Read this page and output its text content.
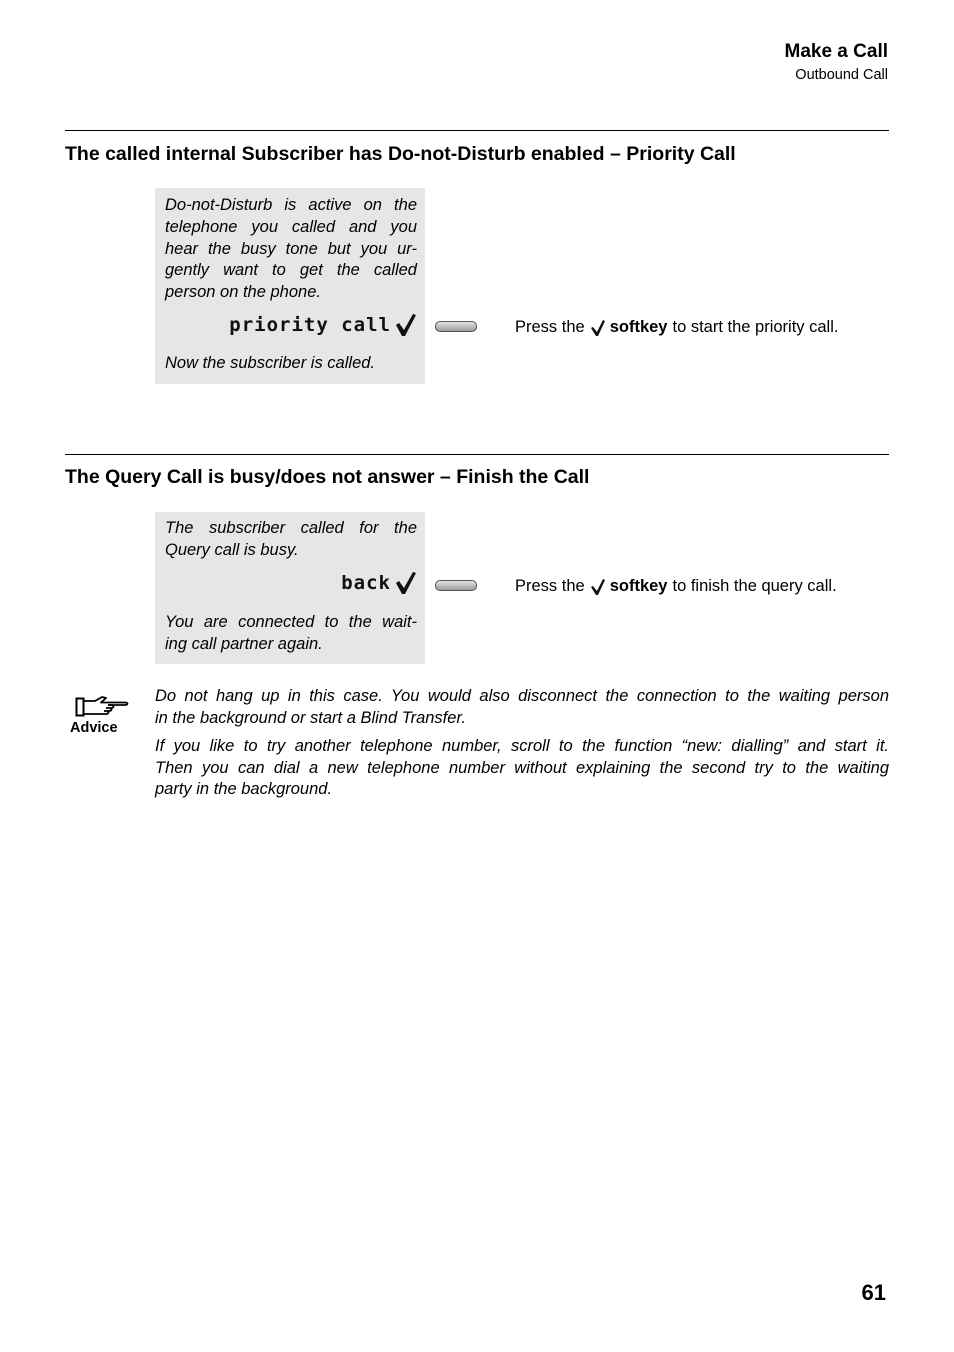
Make a Call
Outbound Call
The called internal Subscriber has Do-not-Disturb enabled – Priority Call
Do-not-Disturb is active on the
telephone you called and you
hear the busy tone but you ur-
gently want to get the called
person on the phone.
priority call
Now the subscriber is called.
Press the softkey to start the priority call.
The Query Call is busy/does not answer – Finish the Call
The subscriber called for the
Query call is busy.
back
You are connected to the wait-
ing call partner again.
Press the softkey to finish the query call.
Advice
Do not hang up in this case. You would also disconnect the connection to the waiting person
in the background or start a Blind Transfer.
If you like to try another telephone number, scroll to the function “new: dialling” and start it.
Then you can dial a new telephone number without explaining the second try to the waiting
party in the background.
61
